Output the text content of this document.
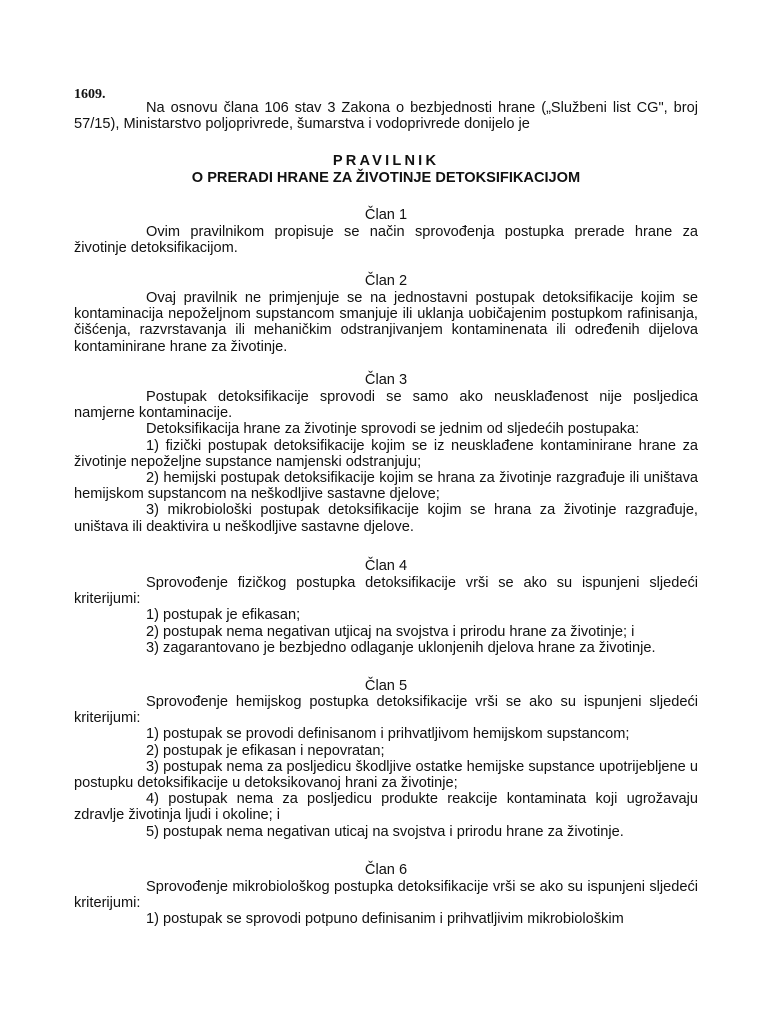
1609.

Na osnovu člana 106 stav 3 Zakona o bezbjednosti hrane („Službeni list CG", broj 57/15), Ministarstvo poljoprivrede, šumarstva i vodoprivrede donijelo je

PRAVILNIK
O PRERADI HRANE ZA ŽIVOTINJE DETOKSIFIKACIJOM
Član 1

Ovim pravilnikom propisuje se način sprovođenja postupka prerade hrane za životinje detoksifikacijom.

Član 2

Ovaj pravilnik ne primjenjuje se na jednostavni postupak detoksifikacije kojim se kontaminacija nepoželjnom supstancom smanjuje ili uklanja uobičajenim postupkom rafinisanja, čišćenja, razvrstavanja ili mehaničkim odstranjivanjem kontaminenata ili određenih dijelova kontaminirane hrane za životinje.

Član 3

Postupak detoksifikacije sprovodi se samo ako neusklađenost nije posljedica namjerne kontaminacije.

Detoksifikacija hrane za životinje sprovodi se jednim od sljedećih postupaka:

1) fizički postupak detoksifikacije kojim se iz neusklađene kontaminirane hrane za životinje nepoželjne supstance namjenski odstranjuju;

2) hemijski postupak detoksifikacije kojim se hrana za životinje razgrađuje ili uništava hemijskom supstancom na neškodljive sastavne djelove;

3) mikrobiološki postupak detoksifikacije kojim se hrana za životinje razgrađuje, uništava ili deaktivira u neškodljive sastavne djelove.

Član 4

Sprovođenje fizičkog postupka detoksifikacije vrši se ako su ispunjeni sljedeći kriterijumi:

1) postupak je efikasan;

2) postupak nema negativan utjicaj na svojstva i prirodu hrane za životinje; i

3) zagarantovano je bezbjedno odlaganje uklonjenih djelova hrane za životinje.

Član 5

Sprovođenje hemijskog postupka detoksifikacije vrši se ako su ispunjeni sljedeći kriterijumi:

1) postupak se provodi definisanom i prihvatljivom hemijskom supstancom;

2) postupak je efikasan i nepovratan;

3) postupak nema za posljedicu škodljive ostatke hemijske supstance upotrijebljene u postupku detoksifikacije u detoksikovanoj hrani za životinje;

4) postupak nema za posljedicu produkte reakcije kontaminata koji ugrožavaju zdravlje životinja ljudi i okoline; i

5) postupak nema negativan uticaj na svojstva i prirodu hrane za životinje.

Član 6

Sprovođenje mikrobiološkog postupka detoksifikacije vrši se ako su ispunjeni sljedeći kriterijumi:

1) postupak se sprovodi potpuno definisanim i prihvatljivim mikrobiološkim
